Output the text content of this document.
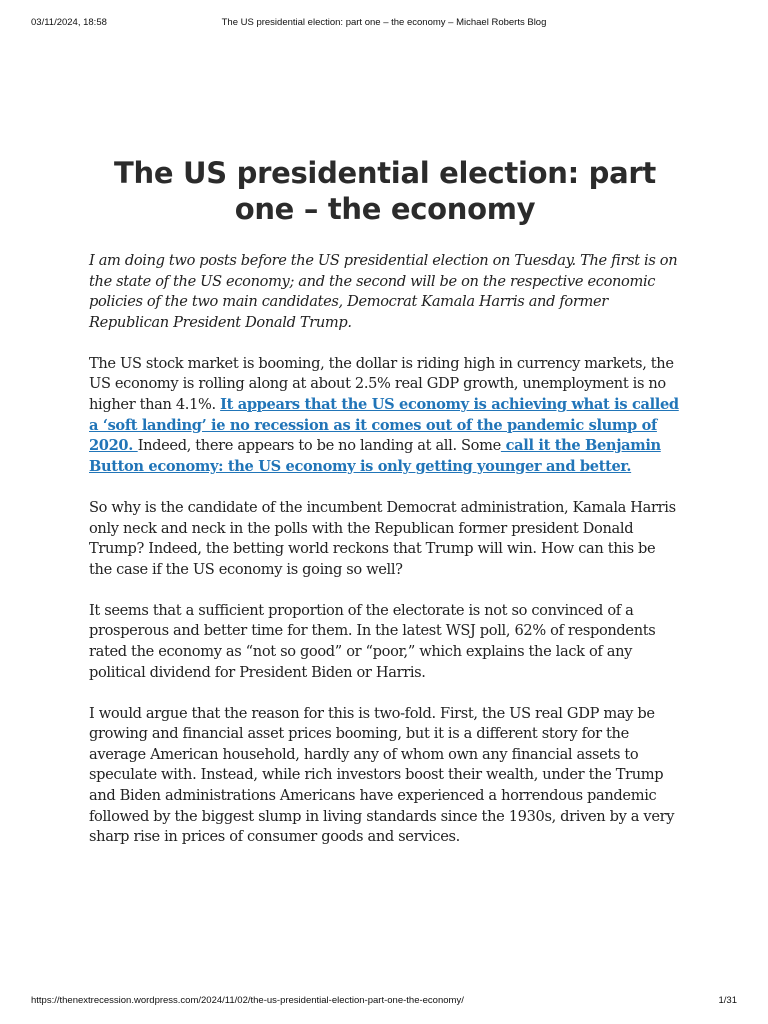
03/11/2024, 18:58	The US presidential election: part one – the economy – Michael Roberts Blog
The US presidential election: part one – the economy

I am doing two posts before the US presidential election on Tuesday. The first is on the state of the US economy; and the second will be on the respective economic policies of the two main candidates, Democrat Kamala Harris and former Republican President Donald Trump.

The US stock market is booming, the dollar is riding high in currency markets, the US economy is rolling along at about 2.5% real GDP growth, unemployment is no higher than 4.1%. It appears that the US economy is achieving what is called a ‘soft landing’ ie no recession as it comes out of the pandemic slump of 2020. Indeed, there appears to be no landing at all. Some call it the Benjamin Button economy: the US economy is only getting younger and better.

So why is the candidate of the incumbent Democrat administration, Kamala Harris only neck and neck in the polls with the Republican former president Donald Trump? Indeed, the betting world reckons that Trump will win. How can this be the case if the US economy is going so well?

It seems that a sufficient proportion of the electorate is not so convinced of a prosperous and better time for them. In the latest WSJ poll, 62% of respondents rated the economy as “not so good” or “poor,” which explains the lack of any political dividend for President Biden or Harris.

I would argue that the reason for this is two-fold. First, the US real GDP may be growing and financial asset prices booming, but it is a different story for the average American household, hardly any of whom own any financial assets to speculate with. Instead, while rich investors boost their wealth, under the Trump and Biden administrations Americans have experienced a horrendous pandemic followed by the biggest slump in living standards since the 1930s, driven by a very sharp rise in prices of consumer goods and services.

https://thenextrecession.wordpress.com/2024/11/02/the-us-presidential-election-part-one-the-economy/	1/31
